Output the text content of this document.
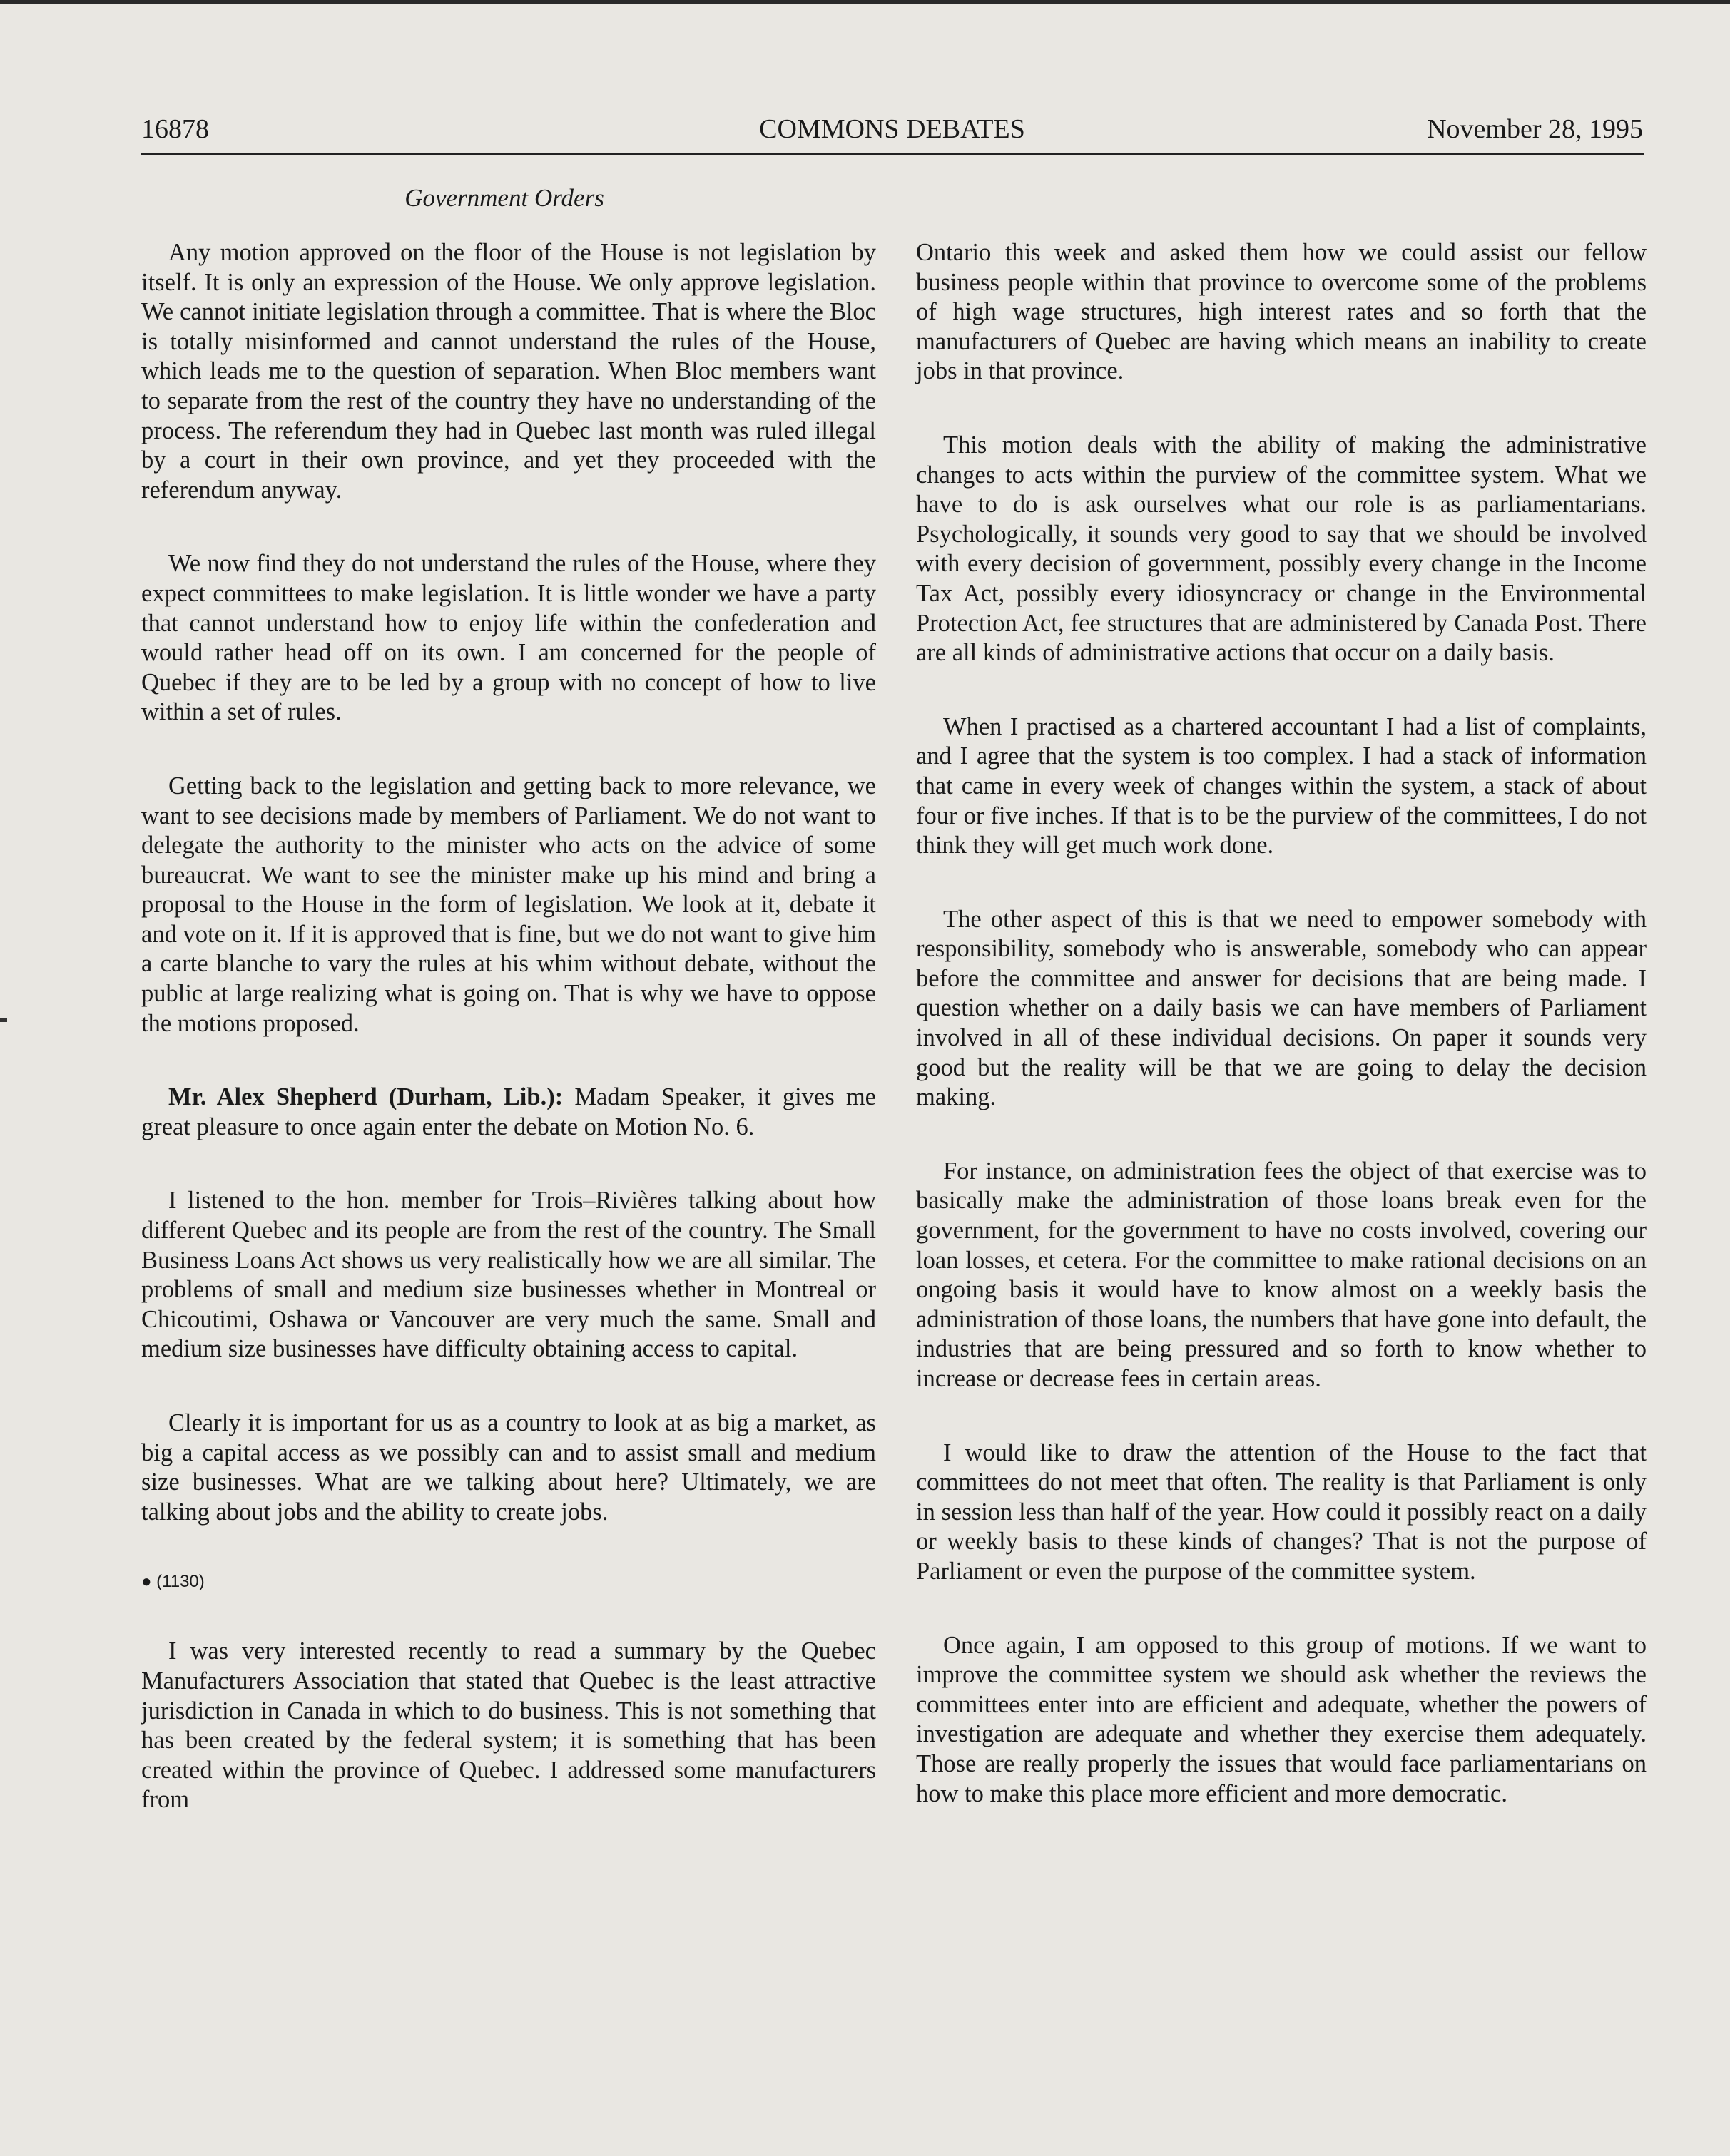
16878	COMMONS DEBATES	November 28, 1995
Government Orders

Any motion approved on the floor of the House is not legislation by itself. It is only an expression of the House. We only approve legislation. We cannot initiate legislation through a committee. That is where the Bloc is totally misinformed and cannot understand the rules of the House, which leads me to the question of separation. When Bloc members want to separate from the rest of the country they have no understanding of the process. The referendum they had in Quebec last month was ruled illegal by a court in their own province, and yet they proceeded with the referendum anyway.

We now find they do not understand the rules of the House, where they expect committees to make legislation. It is little wonder we have a party that cannot understand how to enjoy life within the confederation and would rather head off on its own. I am concerned for the people of Quebec if they are to be led by a group with no concept of how to live within a set of rules.

Getting back to the legislation and getting back to more relevance, we want to see decisions made by members of Parliament. We do not want to delegate the authority to the minister who acts on the advice of some bureaucrat. We want to see the minister make up his mind and bring a proposal to the House in the form of legislation. We look at it, debate it and vote on it. If it is approved that is fine, but we do not want to give him a carte blanche to vary the rules at his whim without debate, without the public at large realizing what is going on. That is why we have to oppose the motions proposed.

Mr. Alex Shepherd (Durham, Lib.): Madam Speaker, it gives me great pleasure to once again enter the debate on Motion No. 6.

I listened to the hon. member for Trois–Rivières talking about how different Quebec and its people are from the rest of the country. The Small Business Loans Act shows us very realistically how we are all similar. The problems of small and medium size businesses whether in Montreal or Chicoutimi, Oshawa or Vancouver are very much the same. Small and medium size businesses have difficulty obtaining access to capital.

Clearly it is important for us as a country to look at as big a market, as big a capital access as we possibly can and to assist small and medium size businesses. What are we talking about here? Ultimately, we are talking about jobs and the ability to create jobs.

● (1130)

I was very interested recently to read a summary by the Quebec Manufacturers Association that stated that Quebec is the least attractive jurisdiction in Canada in which to do business. This is not something that has been created by the federal system; it is something that has been created within the province of Quebec. I addressed some manufacturers from

Ontario this week and asked them how we could assist our fellow business people within that province to overcome some of the problems of high wage structures, high interest rates and so forth that the manufacturers of Quebec are having which means an inability to create jobs in that province.

This motion deals with the ability of making the administrative changes to acts within the purview of the committee system. What we have to do is ask ourselves what our role is as parliamentarians. Psychologically, it sounds very good to say that we should be involved with every decision of government, possibly every change in the Income Tax Act, possibly every idiosyncracy or change in the Environmental Protection Act, fee structures that are administered by Canada Post. There are all kinds of administrative actions that occur on a daily basis.

When I practised as a chartered accountant I had a list of complaints, and I agree that the system is too complex. I had a stack of information that came in every week of changes within the system, a stack of about four or five inches. If that is to be the purview of the committees, I do not think they will get much work done.

The other aspect of this is that we need to empower somebody with responsibility, somebody who is answerable, somebody who can appear before the committee and answer for decisions that are being made. I question whether on a daily basis we can have members of Parliament involved in all of these individual decisions. On paper it sounds very good but the reality will be that we are going to delay the decision making.

For instance, on administration fees the object of that exercise was to basically make the administration of those loans break even for the government, for the government to have no costs involved, covering our loan losses, et cetera. For the committee to make rational decisions on an ongoing basis it would have to know almost on a weekly basis the administration of those loans, the numbers that have gone into default, the industries that are being pressured and so forth to know whether to increase or decrease fees in certain areas.

I would like to draw the attention of the House to the fact that committees do not meet that often. The reality is that Parliament is only in session less than half of the year. How could it possibly react on a daily or weekly basis to these kinds of changes? That is not the purpose of Parliament or even the purpose of the committee system.

Once again, I am opposed to this group of motions. If we want to improve the committee system we should ask whether the reviews the committees enter into are efficient and adequate, whether the powers of investigation are adequate and whether they exercise them adequately. Those are really properly the issues that would face parliamentarians on how to make this place more efficient and more democratic.
